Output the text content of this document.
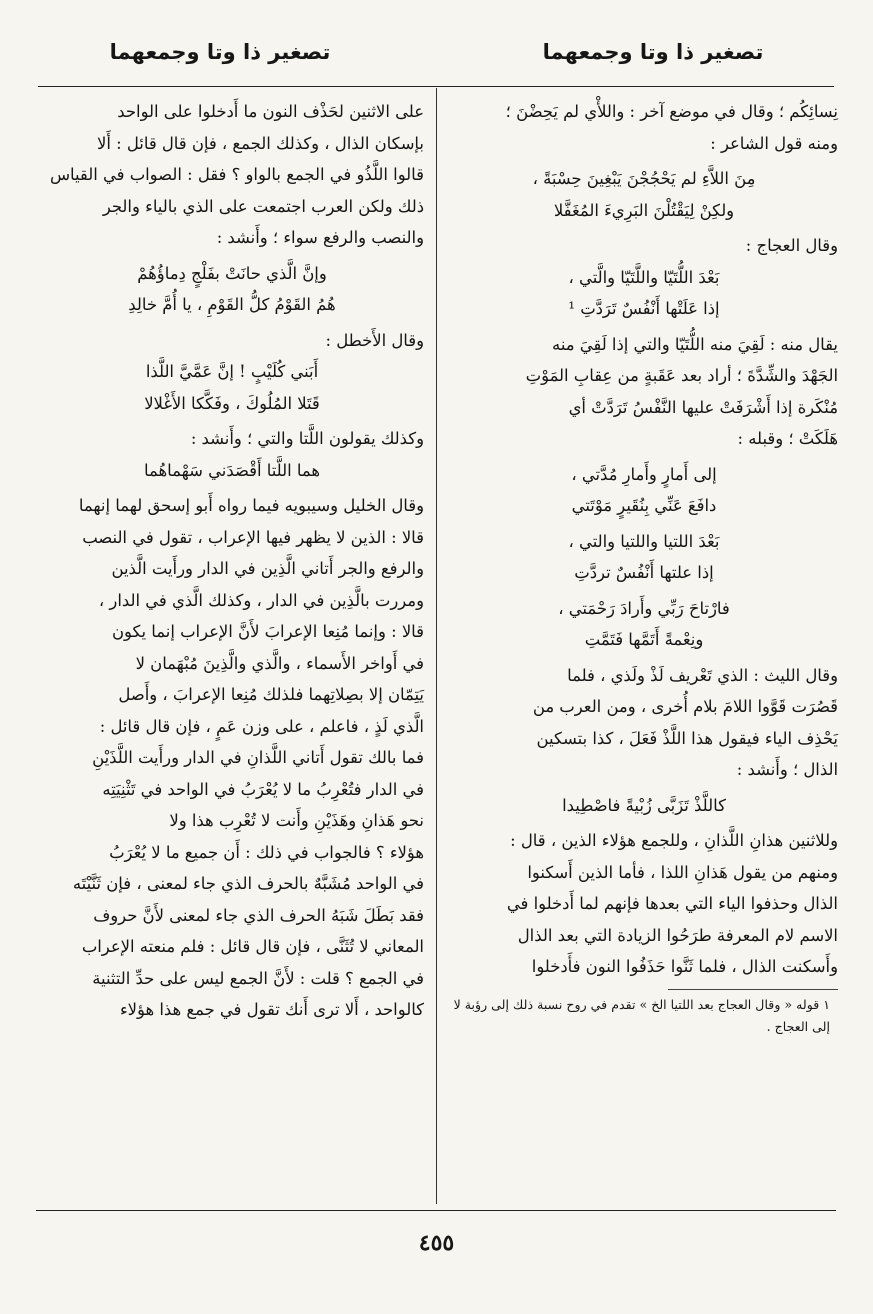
تصغير ذا وتا وجمعهما
تصغير ذا وتا وجمعهما

نِسائِكُم ؛ وقال في موضع آخر : واللأْي لم يَحِضْنَ ؛

ومنه قول الشاعر :

مِنَ اللاَّءِ لم يَحْجُجْنَ يَبْغِينَ حِسْبَةً ،

ولكِنْ لِيَقْتُلْنَ البَرِيءَ المُغَفَّلا

وقال العجاج :

بَعْدَ اللُّتَيّا واللَّتَيّا والَّتي ،

إذا عَلَتْها أَنْفُسٌ تَرَدَّتِ ¹

يقال منه : لَقِيَ منه اللُّتَيّا والتي إذا لَقِيَ منه

الجَهْدَ والشِّدَّةَ ؛ أراد بعد عَقَبةٍ من عِقابِ المَوْتِ

مُنْكَرة إذا أَشْرَفَتْ عليها النَّفْسُ تَرَدَّتْ أي

هَلَكَتْ ؛ وقبله :

إلى أَمارٍ وأَمارِ مُدَّتي ،

دافَعَ عَنِّي بِنُقَيرٍ مَوْتَتي

بَعْدَ اللتيا واللتيا والتي ،

إذا علتها أَنْفُسٌ تردَّتِ

فارْتاحَ رَبِّي وأَرادَ رَحْمَتي ،

ونِعْمةً أَتَمَّها فَتَمَّتِ

وقال الليث : الذي تَعْريف لَذْ ولَذي ، فلما

قَصُرَت قَوَّوا اللامَ بلام أُخرى ، ومن العرب من

يَحْذِف الياء فيقول هذا اللَّذْ فَعَلَ ، كذا بتسكين

الذال ؛ وأَنشد :

كاللَّذْ تَزَبَّى زُبْيةً فاصْطِيدا

وللاثنين هذانِ اللَّذانِ ، وللجمع هؤلاء الذين ، قال :

ومنهم من يقول هَذانِ اللذا ، فأما الذين أَسكنوا

الذال وحذفوا الياء التي بعدها فإنهم لما أَدخلوا في

الاسم لام المعرفة طرَحُوا الزيادة التي بعد الذال

وأَسكنت الذال ، فلما ثَنَّوا حَذَفُوا النون فأَدخلوا

١ قوله « وقال العجاج بعد اللتيا الخ » تقدم في روح نسبة ذلك إلى رؤبة لا إلى العجاج .

على الاثنين لحَذْف النون ما أَدخلوا على الواحد

بإسكان الذال ، وكذلك الجمع ، فإن قال قائل : أَلا

قالوا اللَّذُو في الجمع بالواو ؟ فقل : الصواب في القياس

ذلك ولكن العرب اجتمعت على الذي بالياء والجر

والنصب والرفع سواء ؛ وأَنشد :

وإنَّ الَّذي حانَتْ بفَلْجٍ دِماؤُهُمْ

هُمُ القَوْمُ كلُّ القَوْمِ ، يا أُمَّ خالِدِ

وقال الأَخطل :

أَبَني كُلَيْبٍ ! إنَّ عَمَّيَّ اللَّذا

قَتَلا المُلُوكَ ، وفَكَّكا الأَغْلالا

وكذلك يقولون اللَّتا والتي ؛ وأَنشد :

هما اللَّتا أَقْصَدَني سَهْماهُما

وقال الخليل وسيبويه فيما رواه أَبو إسحق لهما إنهما

قالا : الذين لا يظهر فيها الإعراب ، تقول في النصب

والرفع والجر أَتاني الَّذِين في الدار ورأَيت الَّذين

ومررت بالَّذِين في الدار ، وكذلك الَّذي في الدار ،

قالا : وإنما مُنِعا الإعرابَ لأَنَّ الإعراب إنما يكون

في أَواخر الأَسماء ، والَّذي والَّذِينَ مُبْهَمان لا

يَتِمّان إلا بصِلاتِهما فلذلك مُنِعا الإعرابَ ، وأَصل

الَّذي لَذٍ ، فاعلم ، على وزن عَمٍ ، فإن قال قائل :

فما بالك تقول أَتاني اللَّذانِ في الدار ورأَيت اللَّذَيْنِ

في الدار فتُعْرِبُ ما لا يُعْرَبُ في الواحد في تَثْنِيَتِه

نحو هَذانِ وهَذَيْنِ وأَنت لا تُعْرِب هذا ولا

هؤلاء ؟ فالجواب في ذلك : أَن جميع ما لا يُعْرَبُ

في الواحد مُشَبَّهٌ بالحرف الذي جاء لمعنى ، فإن ثَنَّيْتَه

فقد بَطَلَ شَبَهُ الحرف الذي جاء لمعنى لأَنَّ حروف

المعاني لا تُثَنَّى ، فإن قال قائل : فلم منعته الإعراب

في الجمع ؟ قلت : لأَنَّ الجمع ليس على حدِّ التثنية

كالواحد ، أَلا ترى أَنك تقول في جمع هذا هؤلاء

٤٥٥
